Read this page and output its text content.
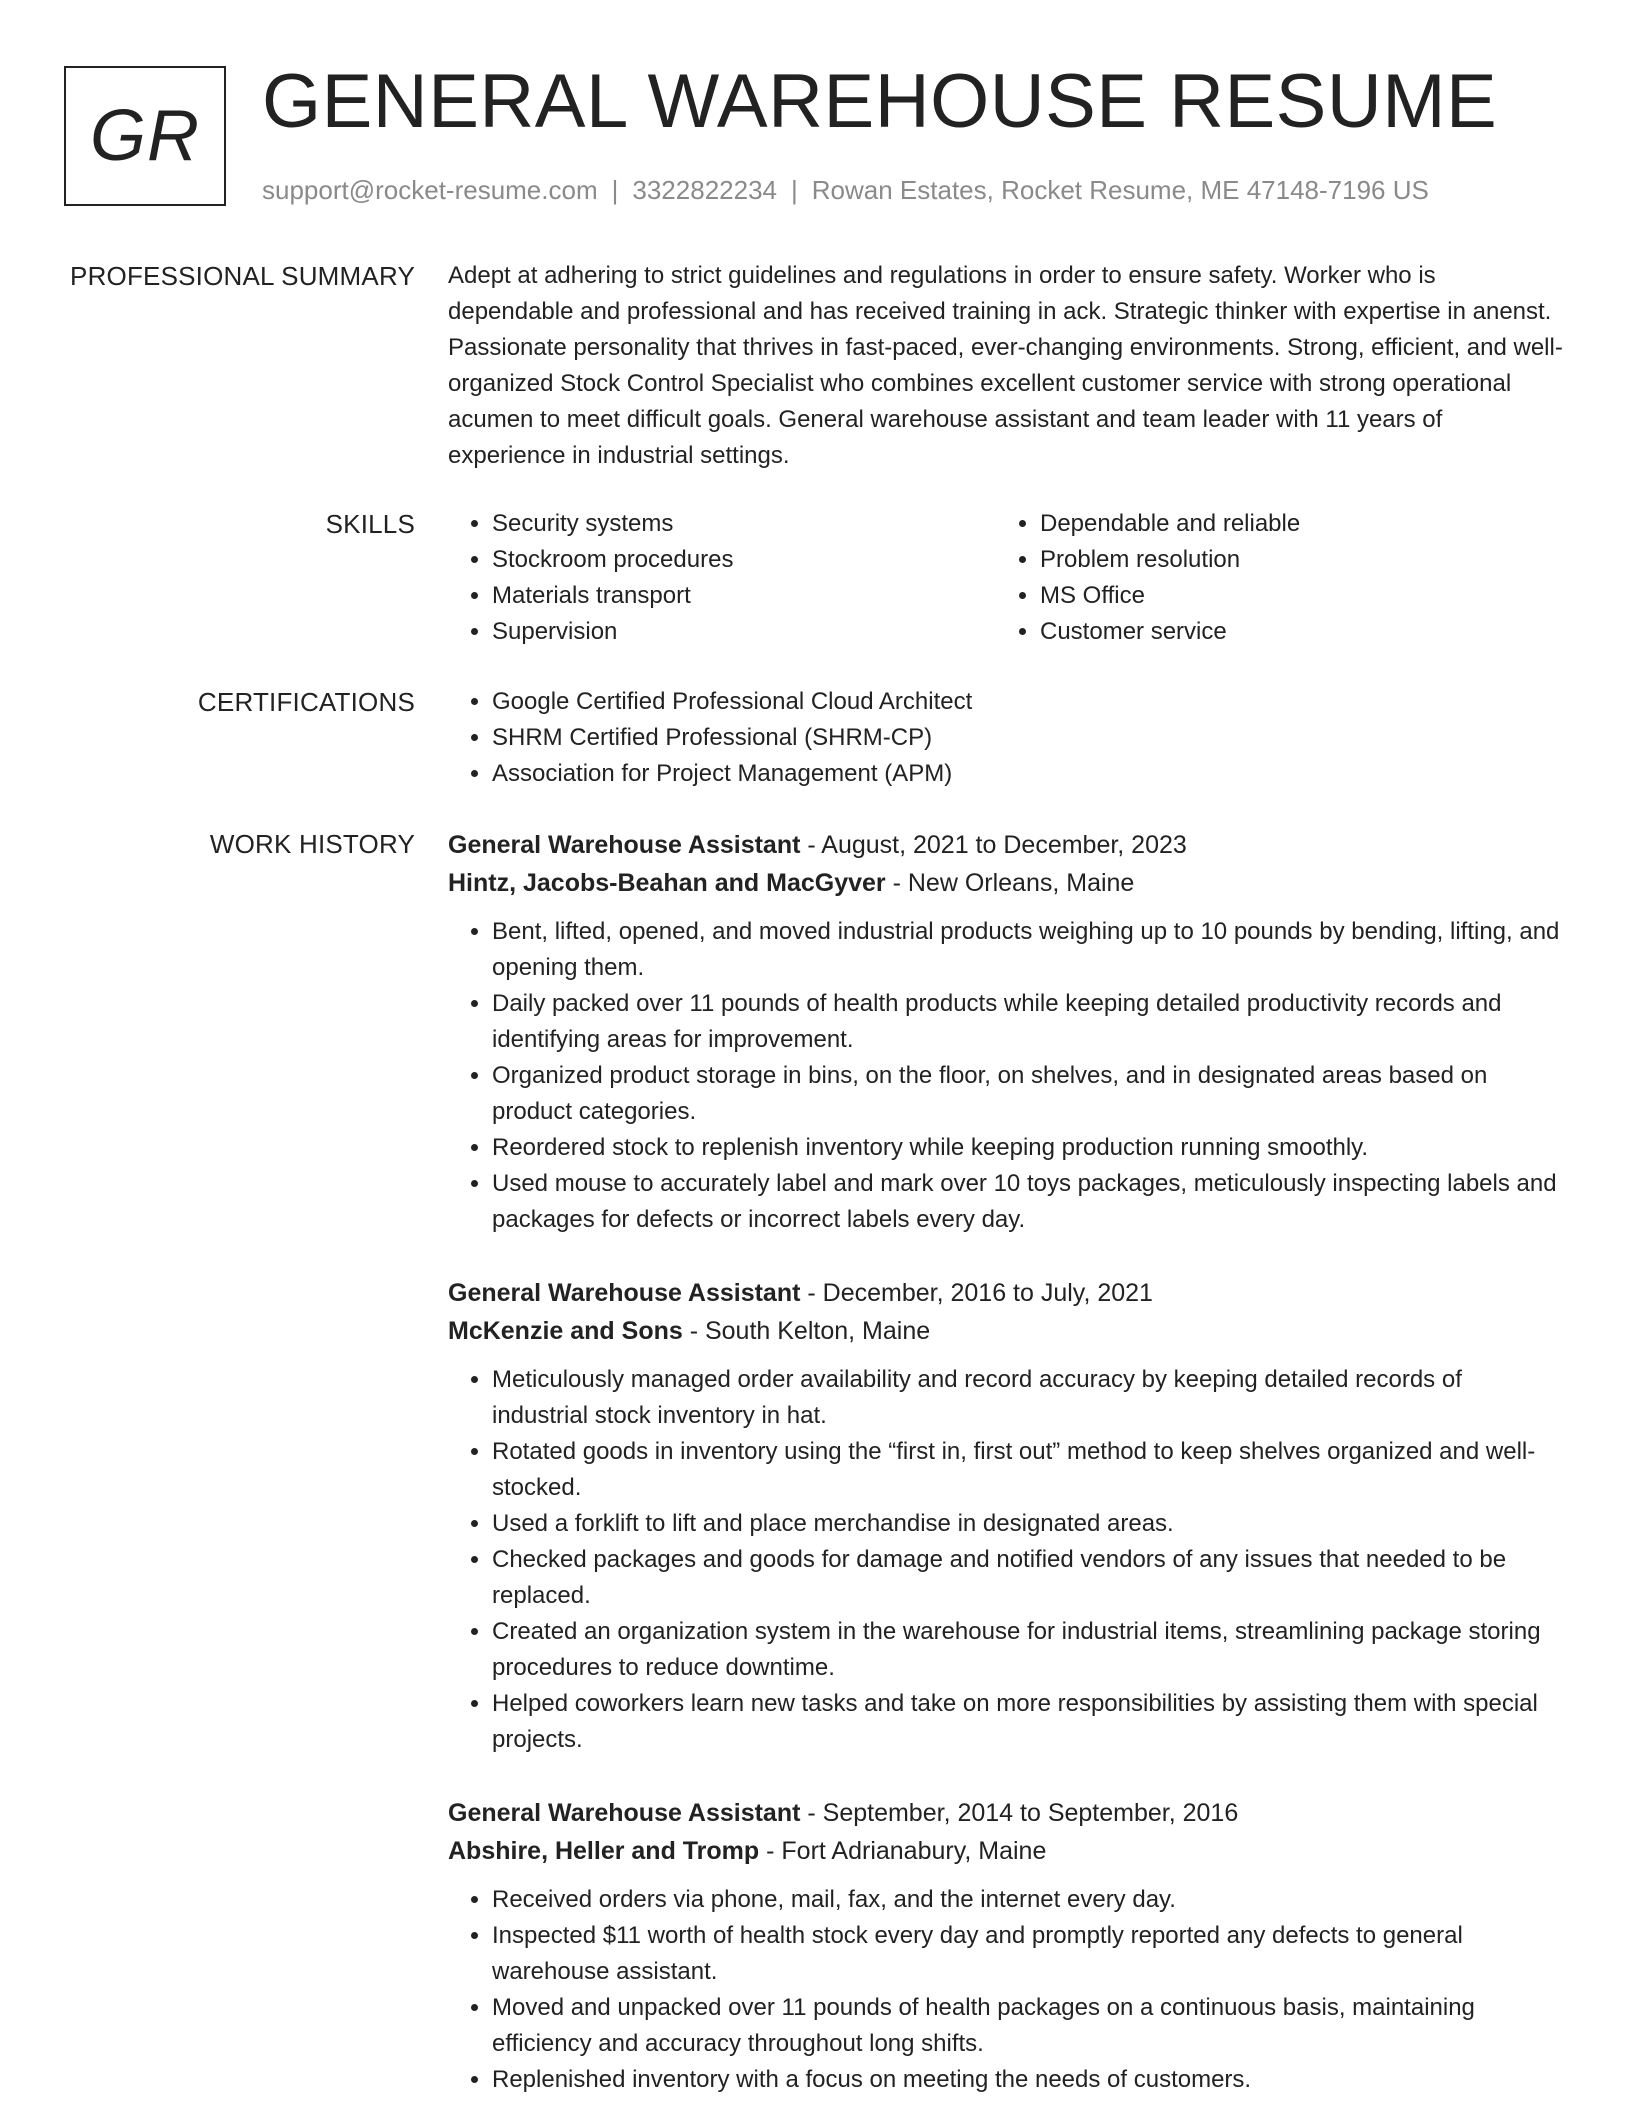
GR GENERAL WAREHOUSE RESUME
support@rocket-resume.com | 3322822234 | Rowan Estates, Rocket Resume, ME 47148-7196 US
PROFESSIONAL SUMMARY Adept at adhering to strict guidelines and regulations in order to ensure safety. Worker who is dependable and professional and has received training in ack. Strategic thinker with expertise in anenst. Passionate personality that thrives in fast-paced, ever-changing environments. Strong, efficient, and well-organized Stock Control Specialist who combines excellent customer service with strong operational acumen to meet difficult goals. General warehouse assistant and team leader with 11 years of experience in industrial settings.

SKILLS	• Security systems
• Stockroom procedures
• Materials transport
• Supervision
• Dependable and reliable
• Problem resolution
• MS Office
• Customer service
CERTIFICATIONS	• Google Certified Professional Cloud Architect
• SHRM Certified Professional (SHRM-CP)
• Association for Project Management (APM)
WORK HISTORY General Warehouse Assistant - August, 2021 to December, 2023
Hintz, Jacobs-Beahan and MacGyver - New Orleans, Maine
• Bent, lifted, opened, and moved industrial products weighing up to 10 pounds by bending, lifting, and opening them.
• Daily packed over 11 pounds of health products while keeping detailed productivity records and identifying areas for improvement.
• Organized product storage in bins, on the floor, on shelves, and in designated areas based on product categories.
• Reordered stock to replenish inventory while keeping production running smoothly.
• Used mouse to accurately label and mark over 10 toys packages, meticulously inspecting labels and packages for defects or incorrect labels every day.
General Warehouse Assistant - December, 2016 to July, 2021
McKenzie and Sons - South Kelton, Maine
• Meticulously managed order availability and record accuracy by keeping detailed records of industrial stock inventory in hat.
• Rotated goods in inventory using the “first in, first out” method to keep shelves organized and well-stocked.
• Used a forklift to lift and place merchandise in designated areas.
• Checked packages and goods for damage and notified vendors of any issues that needed to be replaced.
• Created an organization system in the warehouse for industrial items, streamlining package storing procedures to reduce downtime.
• Helped coworkers learn new tasks and take on more responsibilities by assisting them with special projects.
General Warehouse Assistant - September, 2014 to September, 2016
Abshire, Heller and Tromp - Fort Adrianabury, Maine
• Received orders via phone, mail, fax, and the internet every day.
• Inspected $11 worth of health stock every day and promptly reported any defects to general warehouse assistant.
• Moved and unpacked over 11 pounds of health packages on a continuous basis, maintaining efficiency and accuracy throughout long shifts.
• Replenished inventory with a focus on meeting the needs of customers.
